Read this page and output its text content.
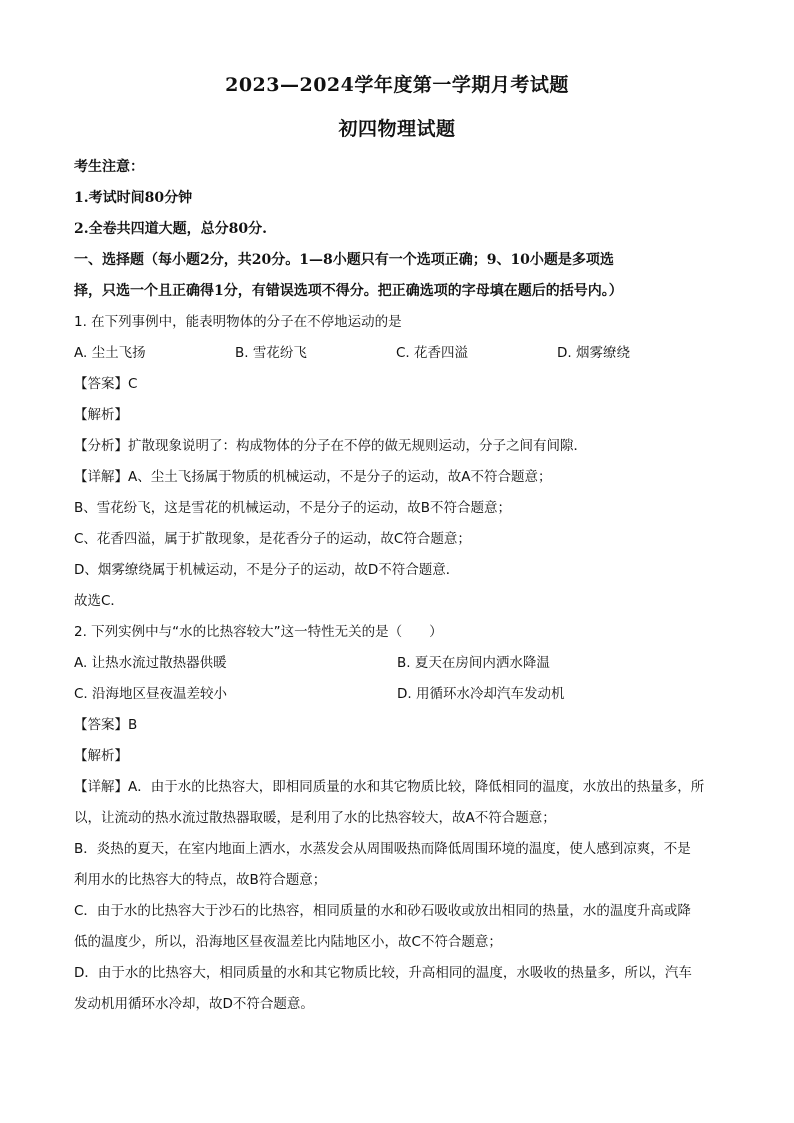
2023—2024学年度第一学期月考试题
初四物理试题
考生注意：
1.考试时间80分钟
2.全卷共四道大题，总分80分.
一、选择题（每小题2分，共20分。1—8小题只有一个选项正确；9、10小题是多项选
择，只选一个且正确得1分，有错误选项不得分。把正确选项的字母填在题后的括号内。）
1. 在下列事例中，能表明物体的分子在不停地运动的是
A. 尘土飞扬	B. 雪花纷飞	C. 花香四溢	D. 烟雾缭绕
【答案】C
【解析】
【分析】扩散现象说明了：构成物体的分子在不停的做无规则运动，分子之间有间隙．
【详解】A、尘土飞扬属于物质的机械运动，不是分子的运动，故A不符合题意；
B、雪花纷飞，这是雪花的机械运动，不是分子的运动，故B不符合题意；
C、花香四溢，属于扩散现象，是花香分子的运动，故C符合题意；
D、烟雾缭绕属于机械运动，不是分子的运动，故D不符合题意．
故选C．
2. 下列实例中与“水的比热容较大”这一特性无关的是（　　）
A. 让热水流过散热器供暖	B. 夏天在房间内洒水降温
C. 沿海地区昼夜温差较小	D. 用循环水冷却汽车发动机
【答案】B
【解析】
【详解】A．由于水的比热容大，即相同质量的水和其它物质比较，降低相同的温度，水放出的热量多，所
以，让流动的热水流过散热器取暖，是利用了水的比热容较大，故A不符合题意；
B．炎热的夏天，在室内地面上洒水，水蒸发会从周围吸热而降低周围环境的温度，使人感到凉爽，不是
利用水的比热容大的特点，故B符合题意；
C．由于水的比热容大于沙石的比热容，相同质量的水和砂石吸收或放出相同的热量，水的温度升高或降
低的温度少，所以，沿海地区昼夜温差比内陆地区小，故C不符合题意；
D．由于水的比热容大，相同质量的水和其它物质比较，升高相同的温度，水吸收的热量多，所以，汽车
发动机用循环水冷却，故D不符合题意。
